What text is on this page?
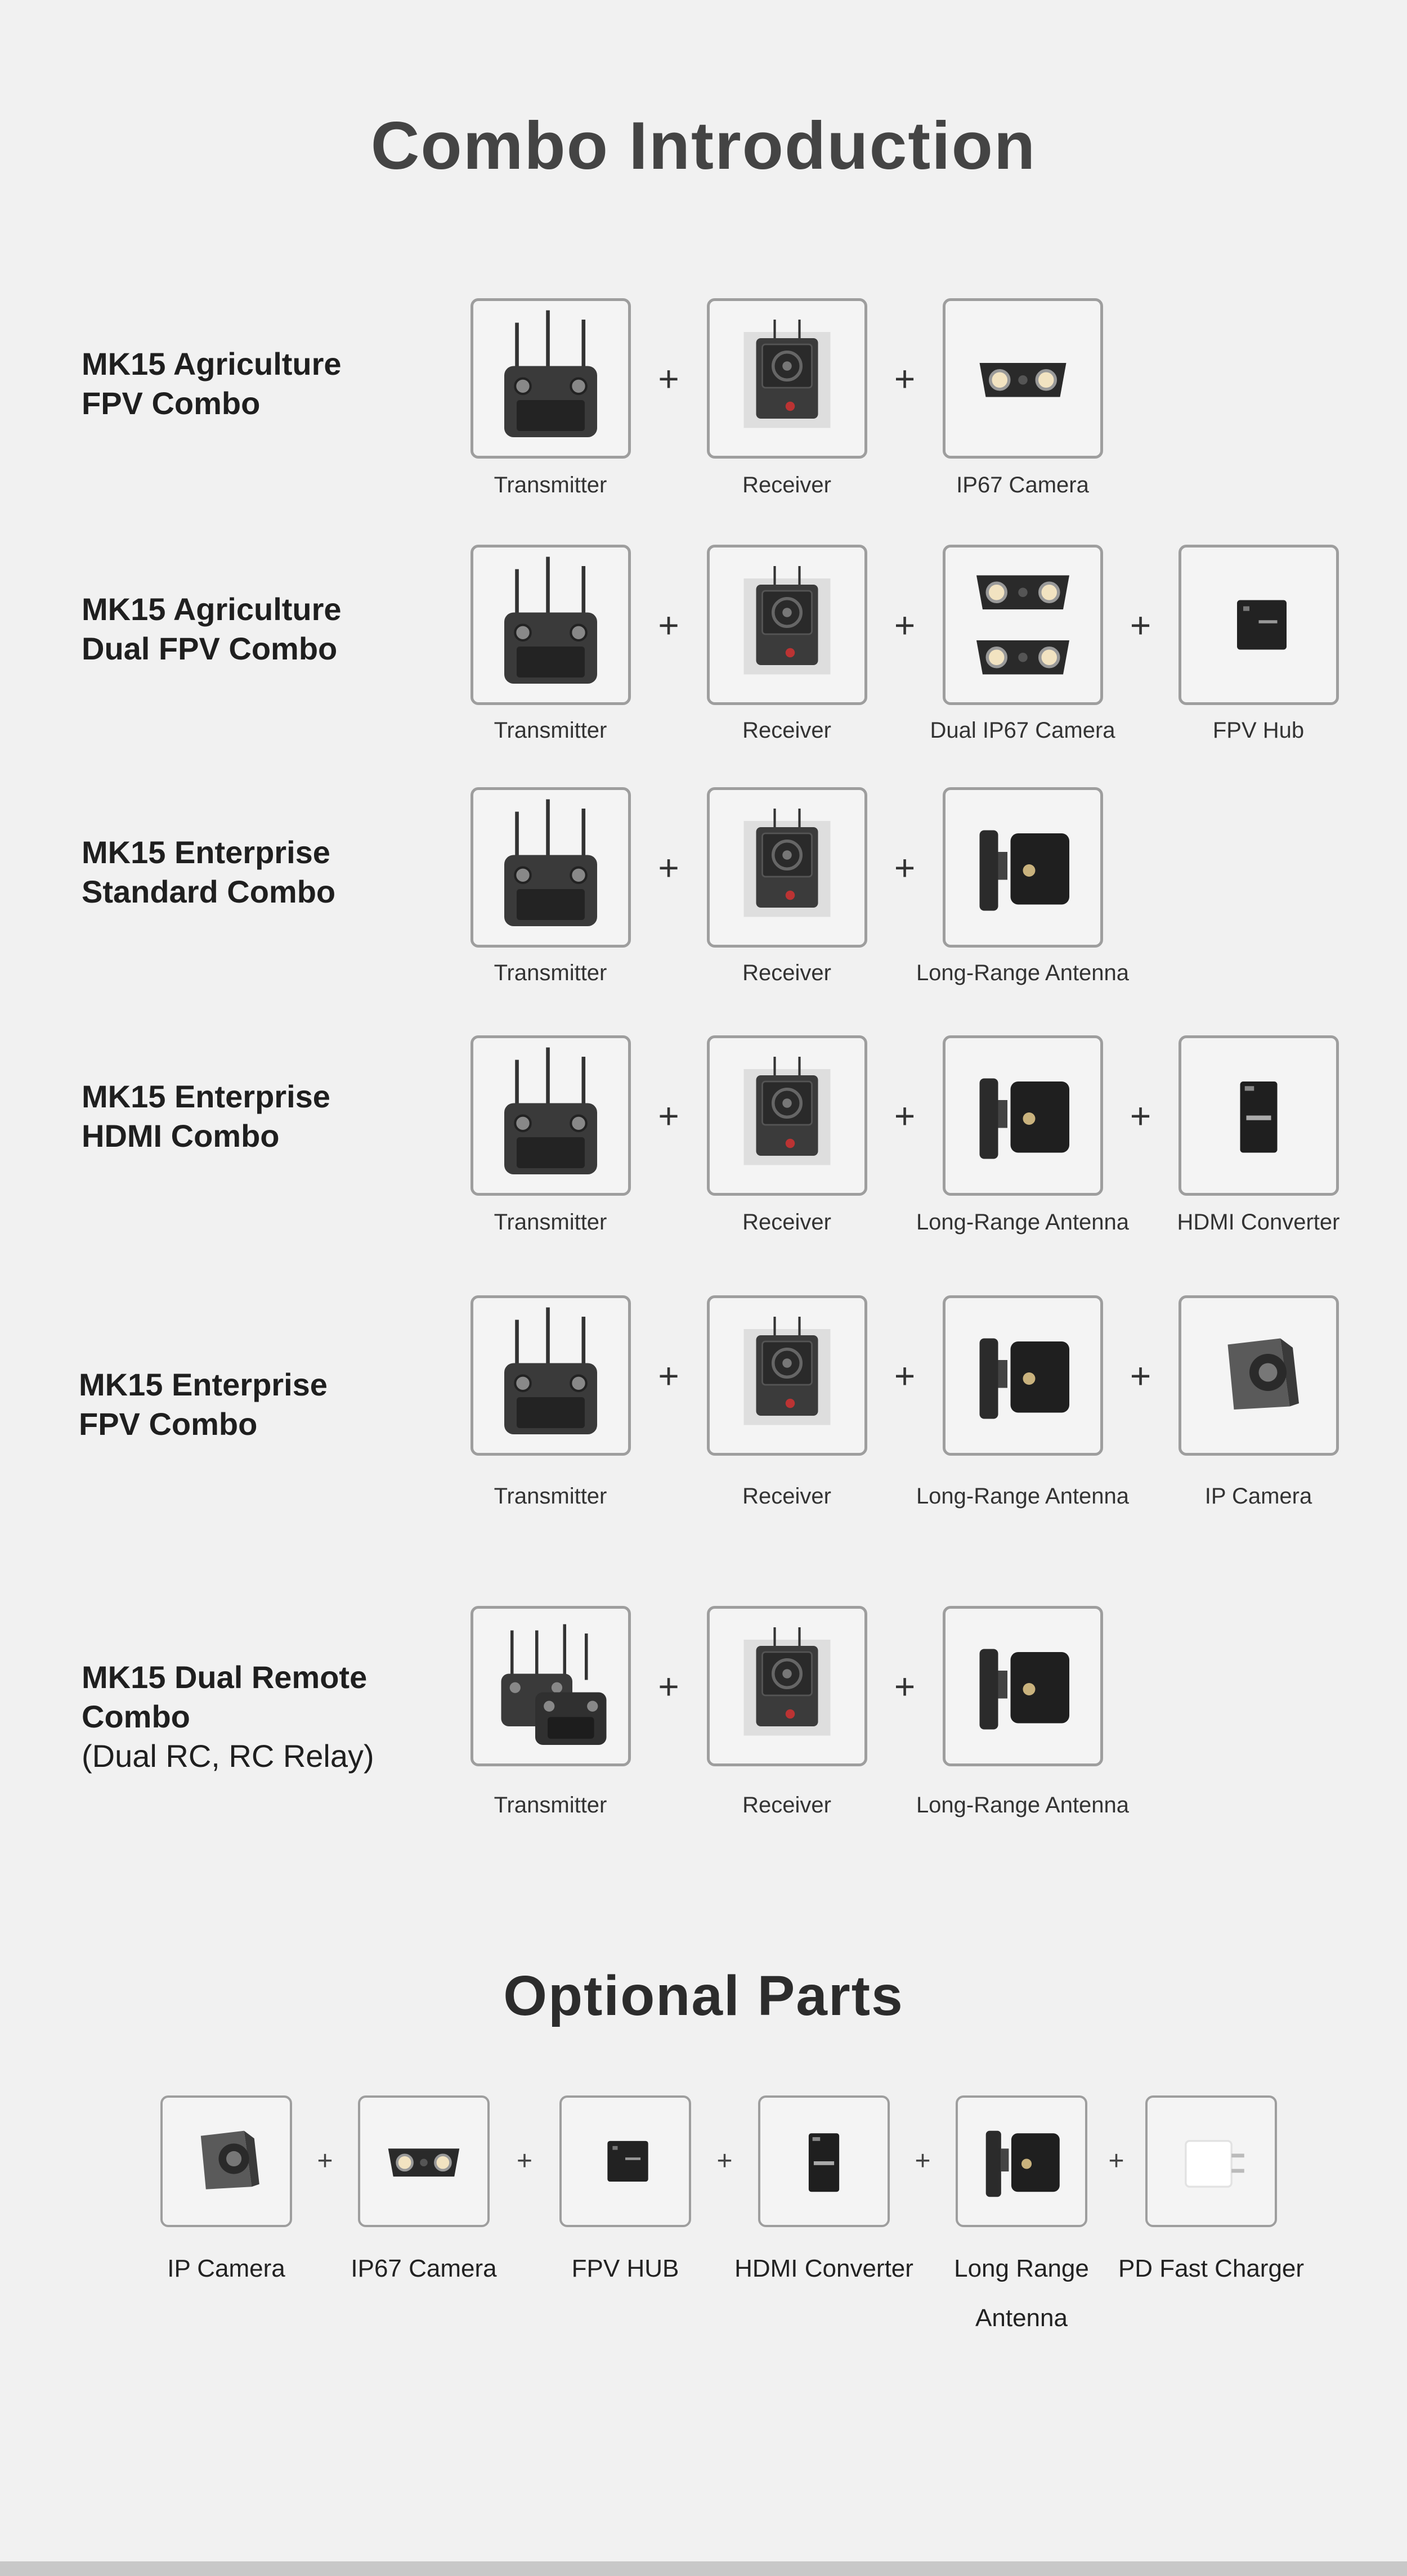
Combo Introduction
MK15 Agriculture
FPV Combo
Transmitter
+
Receiver
+
IP67 Camera
MK15 Agriculture
Dual FPV Combo
Transmitter
+
Receiver
+
Dual IP67 Camera
+
FPV Hub
MK15 Enterprise
Standard Combo
Transmitter
+
Receiver
+
Long-Range Antenna
MK15 Enterprise
HDMI Combo
Transmitter
+
Receiver
+
Long-Range Antenna
+
HDMI Converter
MK15 Enterprise
FPV Combo
Transmitter
+
Receiver
+
Long-Range Antenna
+
IP Camera
MK15 Dual Remote
Combo
(Dual RC, RC Relay)
Transmitter
+
Receiver
+
Long-Range Antenna
Optional Parts
IP Camera
+
IP67 Camera
+
FPV HUB
+
HDMI Converter
+
Long Range
Antenna
+
PD Fast Charger
